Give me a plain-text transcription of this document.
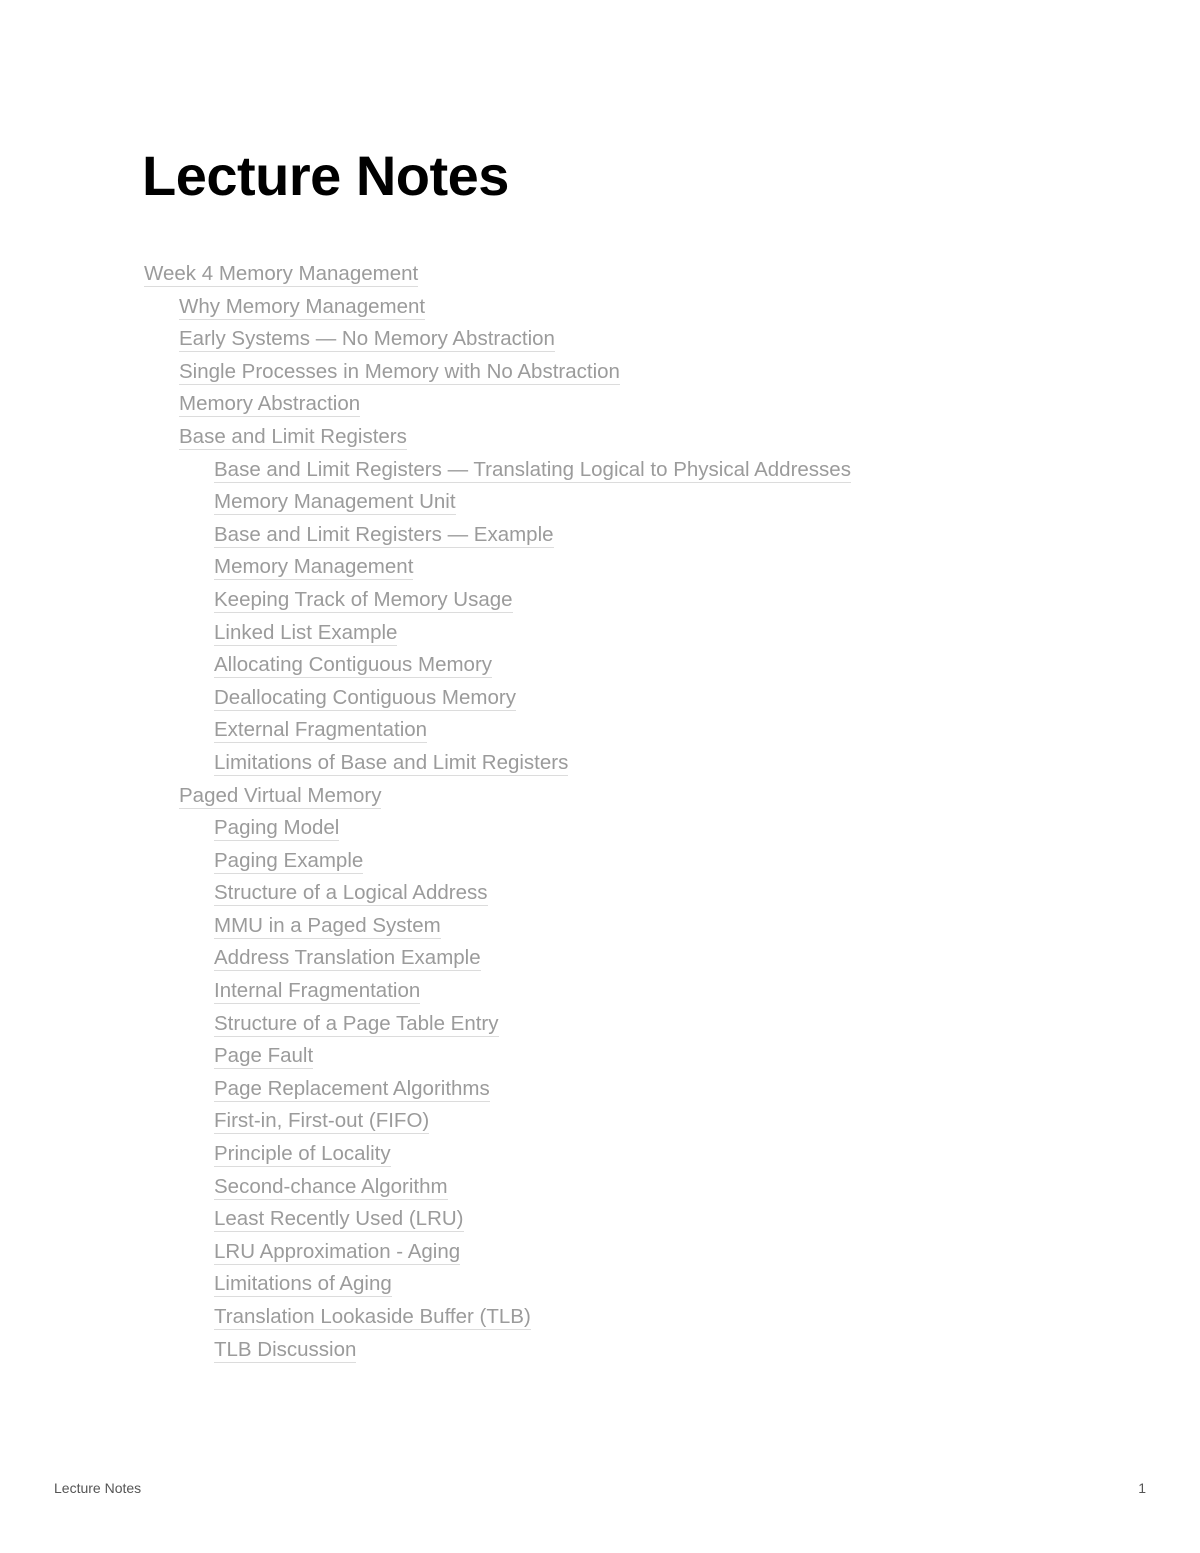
Lecture Notes
Week 4 Memory Management
Why Memory Management
Early Systems — No Memory Abstraction
Single Processes in Memory with No Abstraction
Memory Abstraction
Base and Limit Registers
Base and Limit Registers — Translating Logical to Physical Addresses
Memory Management Unit
Base and Limit Registers — Example
Memory Management
Keeping Track of Memory Usage
Linked List Example
Allocating Contiguous Memory
Deallocating Contiguous Memory
External Fragmentation
Limitations of Base and Limit Registers
Paged Virtual Memory
Paging Model
Paging Example
Structure of a Logical Address
MMU in a Paged System
Address Translation Example
Internal Fragmentation
Structure of a Page Table Entry
Page Fault
Page Replacement Algorithms
First-in, First-out (FIFO)
Principle of Locality
Second-chance Algorithm
Least Recently Used (LRU)
LRU Approximation - Aging
Limitations of Aging
Translation Lookaside Buffer (TLB)
TLB Discussion
Lecture Notes	1
